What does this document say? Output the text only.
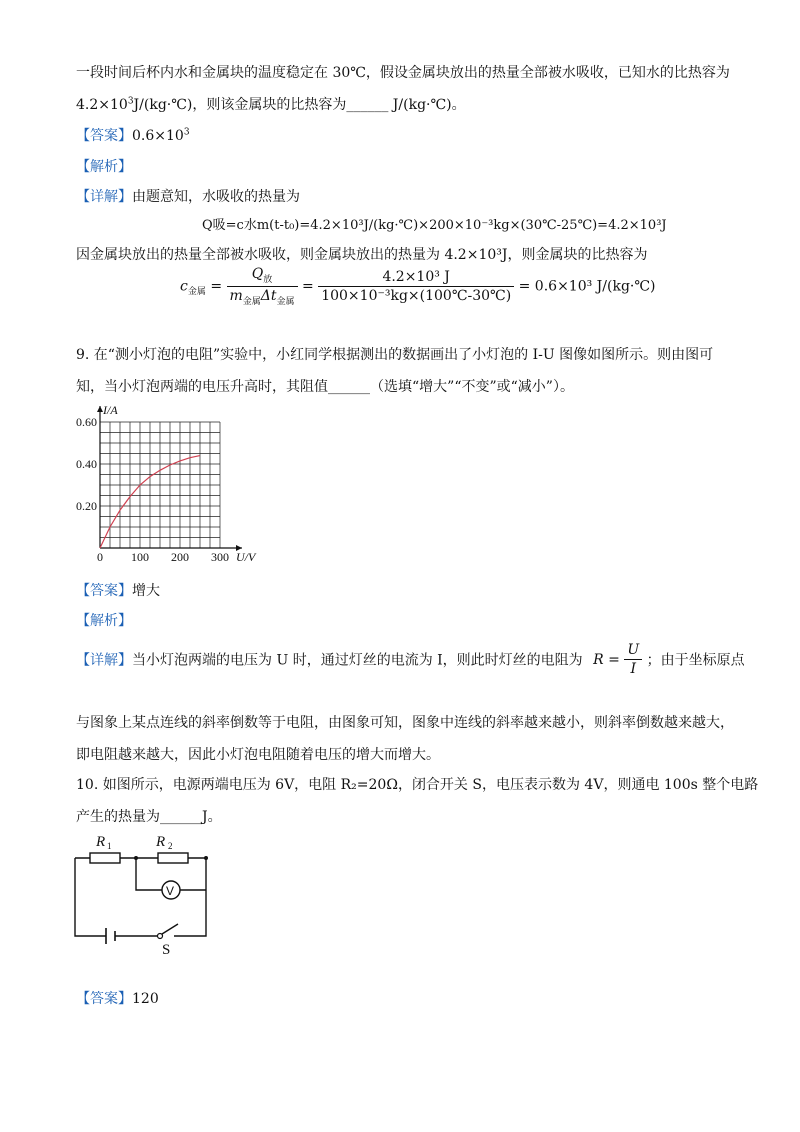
一段时间后杯内水和金属块的温度稳定在 30℃，假设金属块放出的热量全部被水吸收，已知水的比热容为
$4.2\times 10^3J/(kg\cdot℃)$，则该金属块的比热容为______ J/(kg·℃)。
【答案】$0.6\times 10^3$
【解析】
【详解】由题意知，水吸收的热量为
Q吸=c水m(t-t₀)=4.2×10³J/(kg·℃)×200×10⁻³kg×(30℃-25℃)=4.2×10³J
因金属块放出的热量全部被水吸收，则金属块放出的热量为 4.2×10³J，则金属块的比热容为
$c_{金属} = \frac{Q_放}{m_{金属}\Delta t_{金属}} = \frac{\text{4.2×10³ J}}{\text{100×10⁻³kg×(100℃-30℃)}} = 0.6\times 10^3$ J/(kg·℃)
9. 在“测小灯泡的电阻”实验中，小红同学根据测出的数据画出了小灯泡的 I-U 图像如图所示。则由图可
知，当小灯泡两端的电压升高时，其阻值______（选填“增大”“不变”或“减小”）。
0 100 200 300
0.20
0.40
0.60
U/V
I/A
【答案】增大
【解析】
【详解】当小灯泡两端的电压为 U 时，通过灯丝的电流为 I，则此时灯丝的电阻为 $R = \frac{U}{I}$ ；由于坐标原点
与图象上某点连线的斜率倒数等于电阻，由图象可知，图象中连线的斜率越来越小，则斜率倒数越来越大，
即电阻越来越大，因此小灯泡电阻随着电压的增大而增大。
10. 如图所示，电源两端电压为 6V，电阻 R₂=20Ω，闭合开关 S，电压表示数为 4V，则通电 100s 整个电路
产生的热量为______J。
R 1	R 2
V
S
【答案】120
